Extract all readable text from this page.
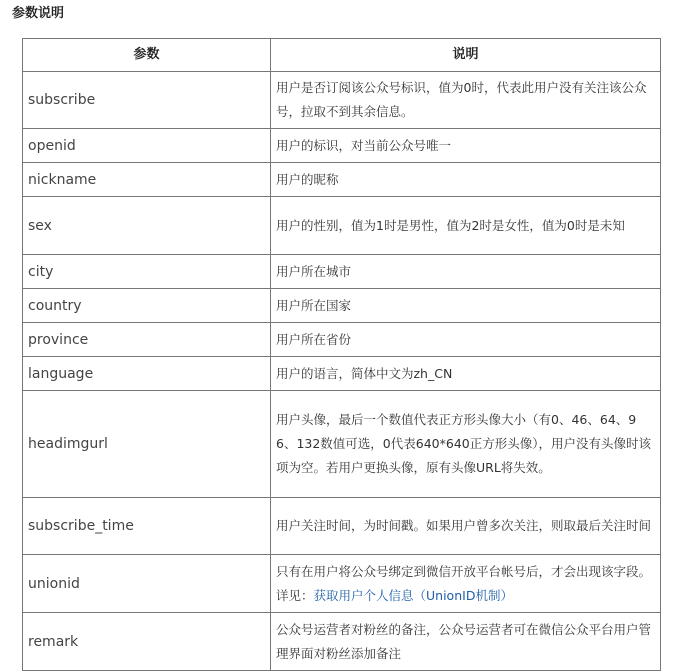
参数说明
参数	说明
subscribe	用户是否订阅该公众号标识，值为0时，代表此用户没有关注该公众号，拉取不到其余信息。
openid	用户的标识，对当前公众号唯一
nickname	用户的昵称
sex	用户的性别，值为1时是男性，值为2时是女性，值为0时是未知
city	用户所在城市
country	用户所在国家
province	用户所在省份
language	用户的语言，简体中文为zh_CN
headimgurl	用户头像，最后一个数值代表正方形头像大小（有0、46、64、96、132数值可选，0代表640*640正方形头像），用户没有头像时该项为空。若用户更换头像，原有头像URL将失效。
subscribe_time	用户关注时间，为时间戳。如果用户曾多次关注，则取最后关注时间
unionid	只有在用户将公众号绑定到微信开放平台帐号后，才会出现该字段。详见：获取用户个人信息（UnionID机制）
remark	公众号运营者对粉丝的备注，公众号运营者可在微信公众平台用户管理界面对粉丝添加备注
